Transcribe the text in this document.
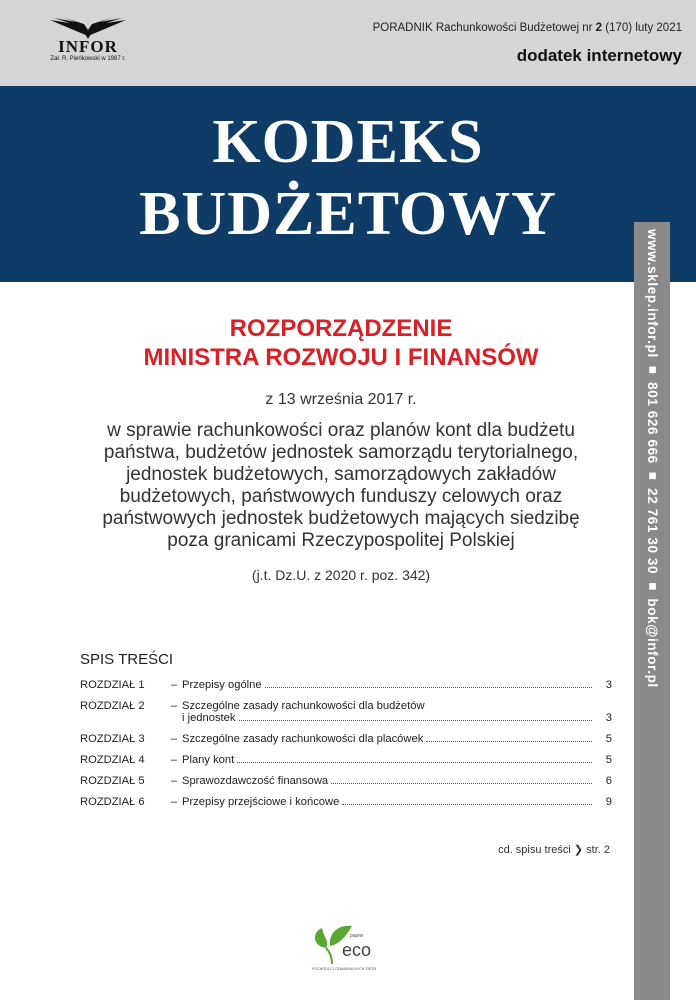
INFOR
Zał. R. Pieńkowski w 1987 r.
PORADNIK Rachunkowości Budżetowej nr 2 (170) luty 2021
dodatek internetowy
KODEKS
BUDŻETOWY
www.sklep.infor.pl ■ 801 626 666 ■ 22 761 30 30 ■ bok@infor.pl
ROZPORZĄDZENIE
MINISTRA ROZWOJU I FINANSÓW
z 13 września 2017 r.
w sprawie rachunkowości oraz planów kont dla budżetu
państwa, budżetów jednostek samorządu terytorialnego,
jednostek budżetowych, samorządowych zakładów
budżetowych, państwowych funduszy celowych oraz
państwowych jednostek budżetowych mających siedzibę
poza granicami Rzeczypospolitej Polskiej
(j.t. Dz.U. z 2020 r. poz. 342)
SPIS TREŚCI
ROZDZIAŁ 1	– Przepisy ogólne	3
ROZDZIAŁ 2	– Szczególne zasady rachunkowości dla budżetów
i jednostek	3
ROZDZIAŁ 3	– Szczególne zasady rachunkowości dla placówek	5
ROZDZIAŁ 4	– Plany kont	5
ROZDZIAŁ 5	– Sprawozdawczość finansowa	6
ROZDZIAŁ 6	– Przepisy przejściowe i końcowe	9
cd. spisu treści ❯ str. 2
eco
papier
POCHODZI Z ODNAWIALNYCH ŹRÓDEŁ
